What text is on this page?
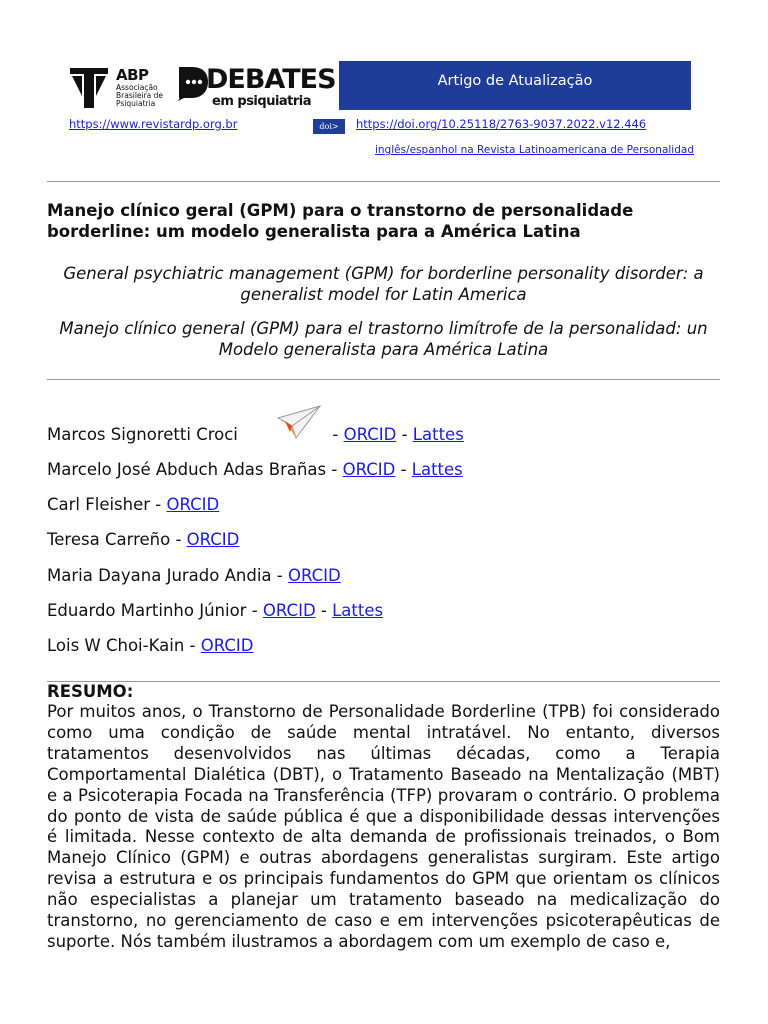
ABP
Associação Brasileira de Psiquiatria
DEBATES
em psiquiatria
Artigo de Atualização
https://www.revistardp.org.br	doi>	https://doi.org/10.25118/2763-9037.2022.v12.446
inglês/espanhol na Revista Latinoamericana de Personalidad
Manejo clínico geral (GPM) para o transtorno de personalidade borderline: um modelo generalista para a América Latina
General psychiatric management (GPM) for borderline personality disorder: a generalist model for Latin America
Manejo clínico general (GPM) para el trastorno limítrofe de la personalidad: un Modelo generalista para América Latina
Marcos Signoretti Croci	- ORCID - Lattes
Marcelo José Abduch Adas Brañas - ORCID - Lattes
Carl Fleisher - ORCID
Teresa Carreño - ORCID
Maria Dayana Jurado Andia - ORCID
Eduardo Martinho Júnior - ORCID - Lattes
Lois W Choi-Kain - ORCID
RESUMO:
Por muitos anos, o Transtorno de Personalidade Borderline (TPB) foi considerado como uma condição de saúde mental intratável. No entanto, diversos tratamentos desenvolvidos nas últimas décadas, como a Terapia Comportamental Dialética (DBT), o Tratamento Baseado na Mentalização (MBT) e a Psicoterapia Focada na Transferência (TFP) provaram o contrário. O problema do ponto de vista de saúde pública é que a disponibilidade dessas intervenções é limitada. Nesse contexto de alta demanda de profissionais treinados, o Bom Manejo Clínico (GPM) e outras abordagens generalistas surgiram. Este artigo revisa a estrutura e os principais fundamentos do GPM que orientam os clínicos não especialistas a planejar um tratamento baseado na medicalização do transtorno, no gerenciamento de caso e em intervenções psicoterapêuticas de suporte. Nós também ilustramos a abordagem com um exemplo de caso e,
